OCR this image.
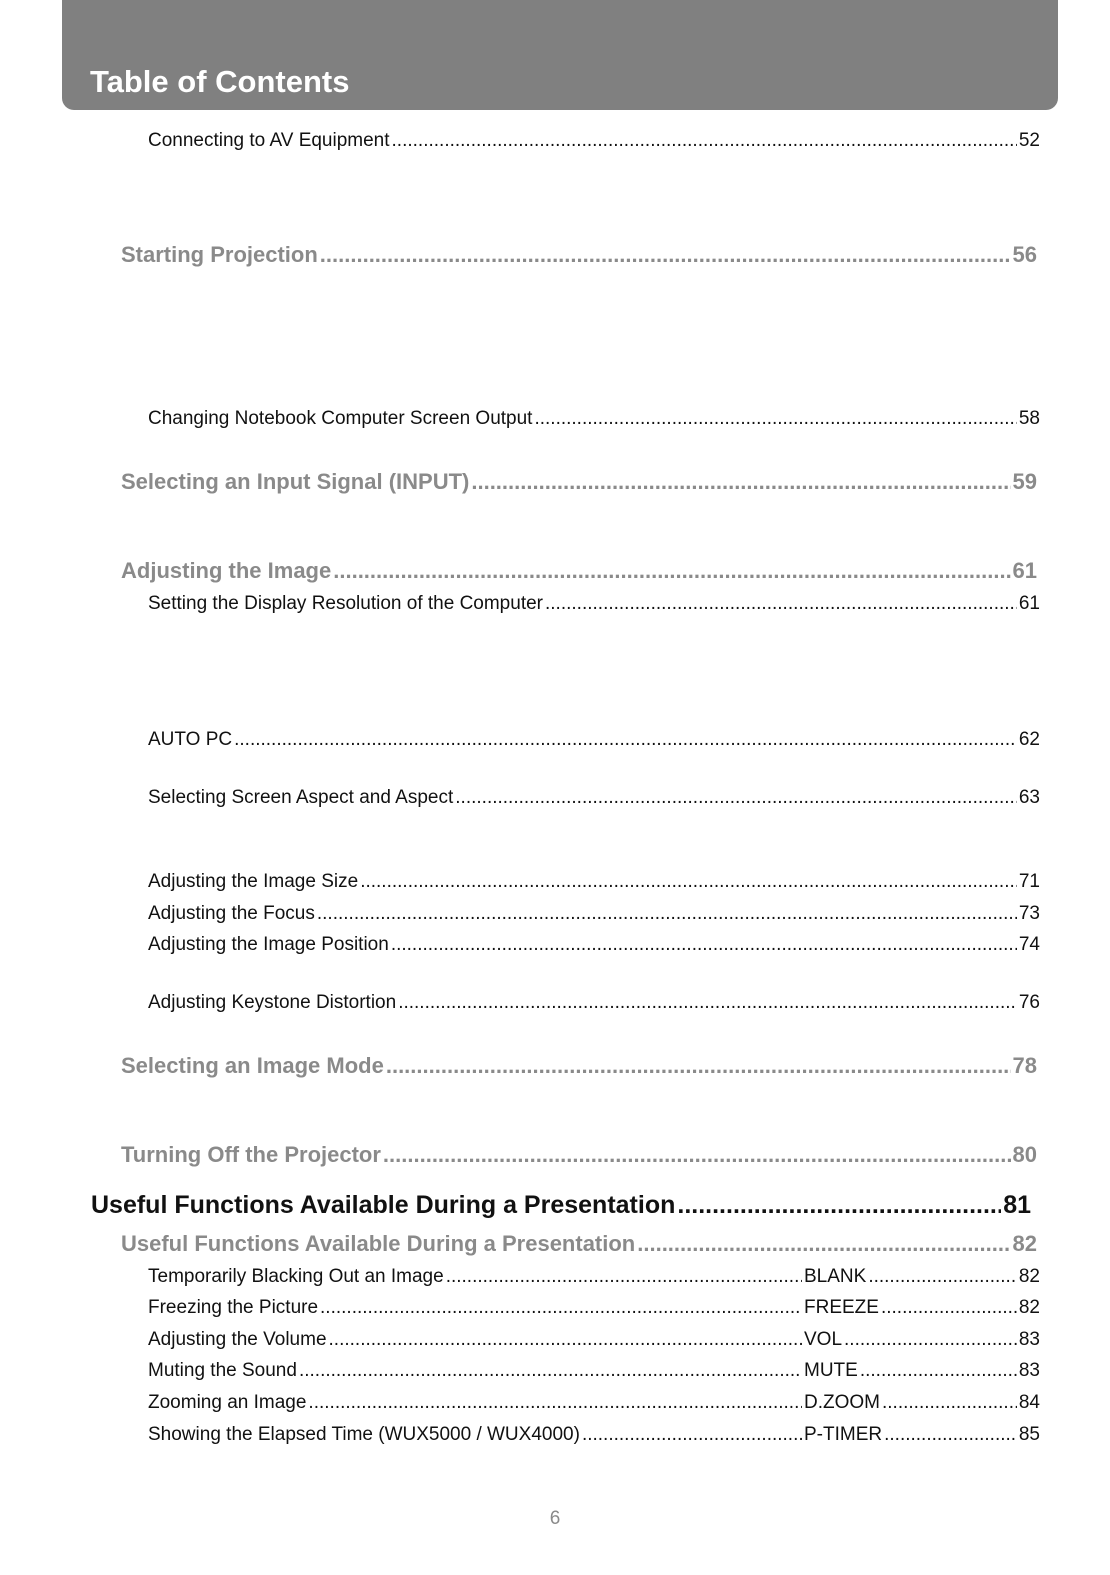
Table of Contents
Connecting to AV Equipment .....	52
Starting Projection .....	56
Changing Notebook Computer Screen Output .....	58
Selecting an Input Signal (INPUT) .....	59
Adjusting the Image .....	61
Setting the Display Resolution of the Computer .....	61
AUTO PC .....	62
Selecting Screen Aspect and Aspect .....	63
Adjusting the Image Size .....	71
Adjusting the Focus .....	73
Adjusting the Image Position .....	74
Adjusting Keystone Distortion .....	76
Selecting an Image Mode .....	78
Turning Off the Projector .....	80
Useful Functions Available During a Presentation .....	81
Useful Functions Available During a Presentation .....	82
Temporarily Blacking Out an Image .....	BLANK .....	82
Freezing the Picture .....	FREEZE .....	82
Adjusting the Volume .....	VOL .....	83
Muting the Sound .....	MUTE .....	83
Zooming an Image .....	D.ZOOM .....	84
Showing the Elapsed Time (WUX5000 / WUX4000) .....	P-TIMER .....	85
6
